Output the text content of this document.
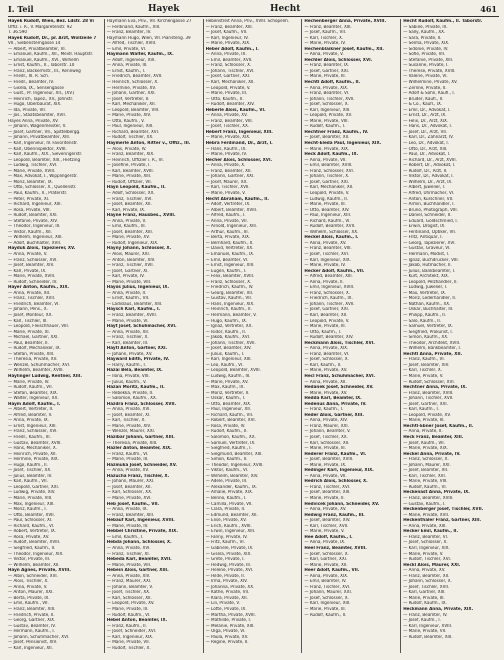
I. Teil	Hayek	Hecht	461
Hayek Rudolf, Wien, Bez. Ldstr. 28 Vi
Offiz. i. R., V. Margaretenstr. 92
T. 36.590
Hayek Rudolf, Dr., pr. Arzt, Wöllzeile 7
VII., Siebensterngasse 14
— Albert, Privatbeamter, VI.
— Emanuel, Kaufm., XII., Meidl. Hauptstr.
— Emanuel, Kaufm., XVI., Wilhelm
— Ernst, Kaufm., II., Taborstr. 10
— Franz, Bäckermstr., III., Rennweg
— Friedr., III. R. Sch.
— Friedr., Beamter, IV.
— Gisela, IX., Sensengasse
— Gust., Pr. Ingenieur, XII., (XV.)
— Heinrich, Tapez., XV., Johnstr.
— Hugo, Oberbaurat, XIX.
— Ida, Private, VII.
— Jos., Staatsbeamter, XVII.
Hayes Anna, Private, XV.
— Johann, Wagenmeister, V.
— Josef, Gärtner, VII., Spittelbergg.
— Johann, Privatbeamter, XIII.
— Karl, Ingenieur, IV. Favoritenstr.
— Karl, Oberinspektor, XVIII.
— Karl, Kaufm., XIX., Sieveringerstr.
— Leopold, Beamter, XIII., Hietzing
— Ludwig, Tischler, XVI.
— Marie, Private, XVIII.
— Max, Advokat, I., Wipplingerstr.
— Moriz, Beamter, IX.
— Otto, Schlosser, X., Quellenstr.
— Paul, Kaufm., II., Praterstr.
— Peter, Private, XI.
— Richard, Ingenieur, XIII.
— Rosa, Private, VIII.
— Rudolf, Beamter, XXI.
— Stefanie, Private, XIV.
— Theodor, Ingenieur, III.
— Viktor, Kaufm., XII.
— Wilhelm, Ingenieur, XIII.
— Adolf, Buchhalter, XVII.
Hayduk Alois, Tapezierer, XV.
— Anna, Private, V.
— Franz, Schlosser, XVI.
— Josef, Beamter, XIV.
— Karl, Private, IX.
— Marie, Private, XVIII.
— Rudolf, Schneider, IV.
Hayer Anton, Kaufm., XIX.
— Anna, Private, XII.
— Franz, Tischler, XVII.
— Friedrich, Beamter, VI.
— Johann, Pens., X.
— Josef, Monteur, XX.
— Karl, Tischler, III.
— Leopold, Fleischhauer, VIII.
— Marie, Private, XI.
— Michael, Gärtner, XXI.
— Paul, Beamter, II.
— Rudolf, Mechaniker, IX.
— Stefan, Private, XIII.
— Theresia, Private, XV.
— Wenzel, Schuhmacher, XVI.
— Wilhelm, Beamter, XVIII.
Haylinger Ludwig, Rentner, XIII.
— Marie, Private, IV.
— Rudolf, Kaufm., VII.
— Stefan, Beamter, XIX.
— Walter, Ingenieur, XX.
Haym Adolf, Kaufm., I.
— Albert, Vertreter, II.
— Alfred, Beamter, V.
— Anna, Private, IX.
— Ernst, Ingenieur, XIII.
— Franz, Schlosser, XVI.
— Friedr., Kaufm., III.
— Gustav, Beamter, XVIII.
— Hans, Mechaniker, X.
— Heinrich, Private, XII.
— Hermine, Private, XIX.
— Hugo, Kaufm., II.
— Josef, Tischler, XX.
— Julius, Beamter, IV.
— Karl, Kaufm., VII.
— Leopold, Gärtner, XXI.
— Ludwig, Private, XIV.
— Marie, Private, VIII.
— Max, Ingenieur, XIII.
— Moriz, Kaufm., I.
— Otto, Beamter, XVII.
— Paul, Schlosser, XI.
— Richard, Kaufm., VI.
— Robert, Vertreter, IX.
— Rosa, Private, XV.
— Rudolf, Beamter, XVIII.
— Siegfried, Kaufm., II.
— Theodor, Ingenieur, XIX.
— Viktor, Private, III.
— Wilhelm, Beamter, XII.
Hayn Agnes, Private, XVIII.
— Albin, Schneider, XVI.
— Alois, Tischler, X.
— Anna, Private, V.
— Anton, Maurer, XXI.
— Berta, Private, IX.
— Emil, Kaufm., VII.
— Franz, Beamter, XIII.
— Friedrich, Private, II.
— Georg, Gärtner, XIX.
— Gustav, Beamter, IV.
— Hermann, Kaufm., I.
— Johann, Schuhmacher, XVI.
— Josef, Pensionist, XIV.
— Karl, Ingenieur, XII.
Haymann Eva, Priv., VII. Kirchengasse 27
— Ferdinand, Kaufm., XIII.
— Franz, Beamter, IV.
Haymann Hugo, Wien, VII. Piaristeng. 39
— Alfred, Tischler, XVIII.
— Emil, Private, VI.
Haymann Walter, Kaufm., IX.
— Adolf, Ingenieur, XIX.
— Anna, Private, III.
— Ernst, Kaufm., I.
— Friedrich, Beamter, XVII.
— Heinrich, Schlosser, X.
— Hermine, Private, XV.
— Johann, Gärtner, XXI.
— Josef, Vertreter, II.
— Karl, Mechaniker, XII.
— Leopold, Beamter, VIII.
— Marie, Private, XIV.
— Otto, Kaufm., V.
— Paul, Ingenieur, XIII.
— Richard, Beamter, XVI.
— Rudolf, Tischler, XX.
Haymerle Anton, Ritter v., Offiz., III.
— Alois, Private, IV.
— Franz, Beamter, XIX.
— Heinrich, Offizier i. R., VI.
— Josefine, Private, I.
— Karl, Beamter, XVIII.
— Marie, Private, XIII.
— Rudolf, Offizier, VII.
Hayn Leopold, Kaufm., II.
— Adolf, Schlosser, XX.
— Franz, Tischler, XVI.
— Josef, Beamter, XII.
— Karl, Private, IX.
Hayne Franz, Hausbes., XVIII.
— Anna, Private, V.
— Emil, Kaufm., III.
— Josef, Beamter, XIII.
— Marie, Private, XV.
— Rudolf, Ingenieur, XIX.
Hayny Johann, Schlosser, X.
— Alois, Maurer, XXI.
— Anton, Beamter, XIV.
— Franz, Tischler, XVII.
— Josef, Gärtner, XI.
— Karl, Private, IV.
— Marie, Private, VIII.
Hayós Julius, Ingenieur, IX.
— Anna, Private, II.
— Ernst, Kaufm., VII.
— Ladislaus, Beamter, XIII.
Haysch Karl, Kaufm., I.
— Franz, Beamter, XVIII.
— Marie, Private, VI.
Hayt Josef, Schuhmacher, XVI.
— Anna, Private, XII.
— Franz, Tischler, X.
— Karl, Beamter, III.
Haytl Anton, Gärtner, XXI.
— Johann, Private, XV.
Hayward Edith, Private, IV.
— Harry, Kaufm., I.
Hazai Béla, Beamter, IX.
— Ilona, Private, VIII.
— Julius, Kaufm., V.
Hazan Moritz, Kaufm., II.
— Rebekka, Private, II.
— Salomon, Kaufm., XX.
Hazdra Franz, Schlosser, XVII.
— Anna, Private, XVI.
— Josef, Beamter, XI.
— Karl, Tischler, X.
— Marie, Private, XIV.
— Wenzel, Maurer, XXI.
Hazibar Johann, Gärtner, XIII.
— Theresia, Private, XIII.
Hazler Anton, Beamter, XIX.
— Franz, Kaufm., VI.
— Marie, Private, III.
Hazmuka Josef, Schneider, XV.
— Anna, Private, XV.
Hazucha Franz, Tischler, X.
— Johann, Maurer, XXI.
— Josef, Beamter, XII.
— Karl, Schlosser, XX.
— Marie, Private, XVI.
Heb Josef, Kaufm., VII.
— Anna, Private, IX.
— Franz, Beamter, XIII.
Hebauf Karl, Ingenieur, XVIII.
— Marie, Private, IV.
Hebbel Christine, Private, XIX.
— Emil, Kaufm., I.
Hebda Johann, Schlosser, X.
— Anna, Private, XVI.
— Franz, Tischler, XI.
Hebeda Karl, Beamter, XVII.
— Marie, Private, VIII.
Hebein Alois, Gärtner, XIII.
— Anna, Private, XIV.
— Franz, Maurer, XXI.
— Johann, Beamter, V.
— Josef, Tischler, XX.
— Karl, Schlosser, XII.
— Leopold, Private, XV.
— Marie, Private, III.
— Rudolf, Kaufm., VI.
Hebel Anton, Beamter, IX.
— Franz, Kaufm., II.
— Josef, Schneider, XVI.
— Karl, Ingenieur, XIX.
— Marie, Private, VII.
— Rudolf, Tischler, X.
Hebenstreit Anna, Priv., XVIII. Schopenh.
— Franz, Beamter, XIII.
— Josef, Kaufm., VII.
— Karl, Ingenieur, IV.
— Marie, Private, XIX.
Heber Adolf, Kaufm., I.
— Anna, Private, IX.
— Emil, Beamter, XVII.
— Franz, Schlosser, X.
— Johann, Tischler, XVI.
— Josef, Gärtner, XXI.
— Karl, Mechaniker, XII.
— Leopold, Private, V.
— Marie, Private, III.
— Otto, Kaufm., II.
— Rudolf, Beamter, XIV.
Heberle Alois, Kaufm., VI.
— Anna, Private, XV.
— Franz, Beamter, VIII.
— Josef, Tischler, XX.
Hebert Franz, Ingenieur, XIII.
— Marie, Private, XIX.
Hebra Ferdinand, Dr., Arzt, I.
— Hans, Kaufm., IX.
— Marie, Private, IV.
Hecher Alois, Schlosser, XVI.
— Anna, Private, X.
— Franz, Beamter, XII.
— Johann, Gärtner, XXI.
— Josef, Maurer, XX.
— Karl, Tischler, XVII.
— Marie, Private, V.
Hecht Abraham, Kaufm., II.
— Adolf, Vertreter, IX.
— Albert, Beamter, XVIII.
— Alfred, Kaufm., I.
— Anna, Private, VII.
— Arnold, Ingenieur, XIII.
— Arthur, Kaufm., III.
— Berta, Private, XIX.
— Bernhard, Kaufm., II.
— David, Vertreter, XX.
— Emanuel, Kaufm., IX.
— Emil, Beamter, VI.
— Ernst, Ingenieur, XIII.
— Eugen, Kaufm., I.
— Felix, Beamter, XVIII.
— Franz, Schlosser, X.
— Friedrich, Kaufm., IV.
— Georg, Beamter, XII.
— Gustav, Kaufm., VII.
— Hans, Ingenieur, XIX.
— Heinrich, Kaufm., II.
— Hermann, Beamter, V.
— Hugo, Kaufm., IX.
— Ignaz, Vertreter, XX.
— Isidor, Kaufm., II.
— Jakob, Kaufm., XVI.
— Johann, Tischler, XVII.
— Josef, Beamter, XIV.
— Julius, Kaufm., I.
— Karl, Ingenieur, XIII.
— Leo, Kaufm., VI.
— Leopold, Beamter, XVIII.
— Ludwig, Kaufm., III.
— Marie, Private, XV.
— Max, Kaufm., IX.
— Moriz, Vertreter, II.
— Oskar, Kaufm., I.
— Otto, Beamter, XIX.
— Paul, Ingenieur, XII.
— Richard, Kaufm., VII.
— Robert, Beamter, XVI.
— Rosa, Private, IV.
— Rudolf, Kaufm., II.
— Salomon, Kaufm., XX.
— Samuel, Vertreter, IX.
— Siegfried, Kaufm., I.
— Siegmund, Beamter, XIII.
— Simon, Kaufm., II.
— Theodor, Ingenieur, XVIII.
— Viktor, Kaufm., VI.
— Wilhelm, Beamter, XIV.
— Adele, Private, III.
— Alexander, Kaufm., IX.
— Amalie, Private, XIX.
— Benno, Kaufm., I.
— Camilla, Private, VII.
— Clara, Private, II.
— Edmund, Beamter, XII.
— Elise, Private, XV.
— Erich, Kaufm., XVIII.
— Erwin, Ingenieur, XIII.
— Fanny, Private, IV.
— Fritz, Kaufm., VI.
— Gabriele, Private, IX.
— Gisela, Private, XIX.
— Grete, Private, I.
— Hedwig, Private, III.
— Helene, Private, XVI.
— Hilde, Private, II.
— Irma, Private, XIV.
— Johanna, Private, XX.
— Käthe, Private, VII.
— Klara, Private, XII.
— Lili, Private, V.
— Lotte, Private, IX.
— Martha, Private, XVIII.
— Mathilde, Private, I.
— Melanie, Private, XIII.
— Olga, Private, VI.
— Paula, Private, XV.
— Regine, Private, II.
Hechenberger Anna, Private, XVIII.
— Franz, Beamter, XIII.
— Josef, Kaufm., VII.
— Karl, Tischler, X.
— Marie, Private, IV.
Hechenblaikner Josef, Kaufm., XII.
— Anna, Private, V.
Hechler Alois, Schlosser, XVI.
— Franz, Beamter, IX.
— Josef, Gärtner, XXI.
— Marie, Private, III.
Hechtl Adolf, Kaufm., II.
— Anna, Private, XIX.
— Franz, Beamter, VI.
— Johann, Tischler, XVII.
— Josef, Schlosser, X.
— Karl, Ingenieur, XIII.
— Leopold, Private, XV.
— Marie, Private, VIII.
— Rudolf, Kaufm., I.
Hechtner Franz, Kaufm., IV.
— Josef, Beamter, XII.
Hecht-Eleda Paul, Ingenieur, XIX.
— Marie, Private, XIX.
Heck Adolf, Kaufm., IX.
— Anna, Private, VII.
— Emil, Beamter, XVIII.
— Franz, Schlosser, XVI.
— Johann, Tischler, X.
— Josef, Gärtner, XXI.
— Karl, Mechaniker, XII.
— Leopold, Private, V.
— Ludwig, Kaufm., II.
— Marie, Private, III.
— Otto, Beamter, XIV.
— Paul, Ingenieur, XIII.
— Richard, Kaufm., VI.
— Rudolf, Beamter, XVII.
— Wilhelm, Schlosser, XX.
Heckel Alois, Kaufm., I.
— Anna, Private, XV.
— Franz, Beamter, VIII.
— Josef, Tischler, XVI.
— Karl, Ingenieur, XIX.
— Marie, Private, IV.
Hecker Adolf, Kaufm., VII.
— Alfred, Beamter, XIII.
— Anna, Private, II.
— Emil, Ingenieur, XVIII.
— Franz, Schlosser, X.
— Friedrich, Kaufm., IX.
— Johann, Tischler, XVII.
— Josef, Gärtner, XXI.
— Karl, Beamter, XII.
— Leopold, Private, V.
— Marie, Private, III.
— Otto, Kaufm., I.
— Rudolf, Beamter, XIV.
Heckmann Alois, Tischler, XVI.
— Anna, Private, XIX.
— Franz, Beamter, VI.
— Josef, Schlosser, X.
— Karl, Kaufm., II.
— Marie, Private, XV.
Hecl Franz, Schuhmacher, XVI.
— Anna, Private, XII.
Hedanek Josef, Schneider, XV.
— Marie, Private, XV.
Hedda Karl, Beamter, IX.
Hedenus Anna, Private, IV.
— Franz, Kaufm., I.
Heder Alois, Gärtner, XIII.
— Anna, Private, XIV.
— Franz, Maurer, XXI.
— Johann, Beamter, V.
— Josef, Tischler, XX.
— Karl, Schlosser, XII.
— Marie, Private, III.
Hederer Franz, Kaufm., VI.
— Josef, Beamter, XVIII.
— Marie, Private, IX.
Hedinger Karl, Ingenieur, XIX.
— Anna, Private, VII.
Hedrich Alois, Schlosser, X.
— Franz, Tischler, XVI.
— Josef, Beamter, XIII.
— Marie, Private, II.
Hedvicek Johann, Schneider, XV.
— Anna, Private, XV.
Hedwig Franz, Kaufm., III.
— Josef, Beamter, XIV.
— Karl, Tischler, XVII.
— Marie, Private, V.
Hee Adolf, Kaufm., I.
— Anna, Private, IX.
Heel Franz, Beamter, XVIII.
— Josef, Schlosser, X.
— Karl, Gärtner, XXI.
— Marie, Private, XII.
Heer Adolf, Kaufm., VII.
— Anna, Private, XIX.
— Emil, Beamter, IV.
— Franz, Tischler, XVI.
— Johann, Maurer, XXI.
— Josef, Schlosser, X.
— Karl, Ingenieur, XIII.
— Marie, Private, III.
— Rudolf, Kaufm., II.
Hecht Rudolf, Kaufm., II. Taborstr.
— Sabine, Private, IX.
— Sally, Kaufm., XX.
— Sara, Private, II.
— Selma, Private, XIX.
— Sidonie, Private, IV.
— Sofie, Private, VII.
— Stefanie, Private, XIII.
— Susanne, Private, I.
— Therese, Private, XVIII.
— Valerie, Private, VI.
— Wilhelmine, Private, XV.
— Zerline, Private, II.
— Adolf & Sohn, Kaufl., I.
— Brüder, Kaufl., II.
— & Co., Kaufl., IX.
— Emil, Dr., Advokat, I.
— Ernst, Dr., Arzt, IX.
— Felix, Dr., Arzt, XIX.
— Hans, Dr., Advokat, I.
— Josef, Dr., Arzt, VII.
— Karl, Dr., Zahnarzt, IV.
— Leo, Dr., Advokat, I.
— Otto, Dr., Arzt, XIII.
— Paul, Dr., Advokat, I.
— Richard, Dr., Arzt, XVIII.
— Robert, Dr., Advokat, I.
— Rudolf, Dr., Arzt, II.
— Viktor, Dr., Advokat, I.
— Wilhelm, Dr., Arzt, IX.
— Albert, Juwelier, I.
— Alfred, Uhrmacher, VI.
— Anton, Kürschner, VII.
— Armin, Buchhändler, I.
— Bruno, Photograph, VIII.
— Daniel, Schneider, II.
— Eduard, Goldschmied, I.
— Erwin, Drogist, IX.
— Ferdinand, Optiker, VII.
— Fritz, Antiquar, I.
— Georg, Tapezierer, XVI.
— Gustav, Graveur, VI.
— Hermann, Modist, I.
— Ignaz, Buchdrucker, VIII.
— Jakob, Hutmacher, II.
— Julius, Bankbeamter, I.
— Kurt, Architekt, XIX.
— Leopold, Pelzhändler, II.
— Ludwig, Juwelier, I.
— Max, Vertreter, IX.
— Moriz, Lederhändler, II.
— Nathan, Kaufm., XX.
— Oskar, Buchhalter, III.
— Philipp, Kaufm., II.
— Salo, Kaufm., II.
— Samuel, Vertreter, IX.
— Siegfried, Prokurist, I.
— Simon, Kaufm., XX.
— Theodor, Architekt, XVIII.
— Wilhelm, Bankbeamter, I.
Hechtl Anna, Private, XII.
— Franz, Kaufm., VI.
— Josef, Beamter, XIV.
— Karl, Tischler, X.
— Marie, Private, V.
— Rudolf, Schlosser, XVI.
Hechtner Anna, Private, IX.
— Franz, Beamter, XVIII.
— Johann, Tischler, XVII.
— Josef, Gärtner, XXI.
— Karl, Kaufm., I.
— Leopold, Private, XV.
— Marie, Private, III.
Hechtl-Ebner Josef, Kaufm., II.
— Anna, Private, II.
Heck Franz, Beamter, XIII.
— Josef, Kaufm., VII.
— Marie, Private, XIX.
Heckel Anna, Private, IV.
— Franz, Schlosser, X.
— Johann, Maurer, XXI.
— Josef, Beamter, XII.
— Karl, Tischler, XVI.
— Marie, Private, VIII.
— Rudolf, Kaufm., VI.
Heckenast Anna, Private, IX.
— Franz, Beamter, XVIII.
— Gustav, Kaufm., I.
Heckenberger Josef, Tischler, XVII.
— Marie, Private, XVII.
Heckenthaler Franz, Gärtner, XIII.
— Anna, Private, XIII.
Hecker Emil, Kaufm., II.
— Franz, Beamter, VI.
— Josef, Schlosser, X.
— Karl, Ingenieur, XIX.
— Marie, Private, V.
— Rudolf, Tischler, XVI.
Heckl Alois, Maurer, XXI.
— Anna, Private, XV.
— Franz, Beamter, XII.
— Johann, Schlosser, X.
— Josef, Tischler, XVII.
— Karl, Gärtner, XIII.
— Marie, Private, III.
— Rudolf, Kaufm., IX.
Heckmann Anna, Private, XIX.
— Franz, Beamter, IV.
— Josef, Kaufm., I.
— Karl, Ingenieur, XVIII.
— Marie, Private, VII.
— Rudolf, Beamter, XIII.
